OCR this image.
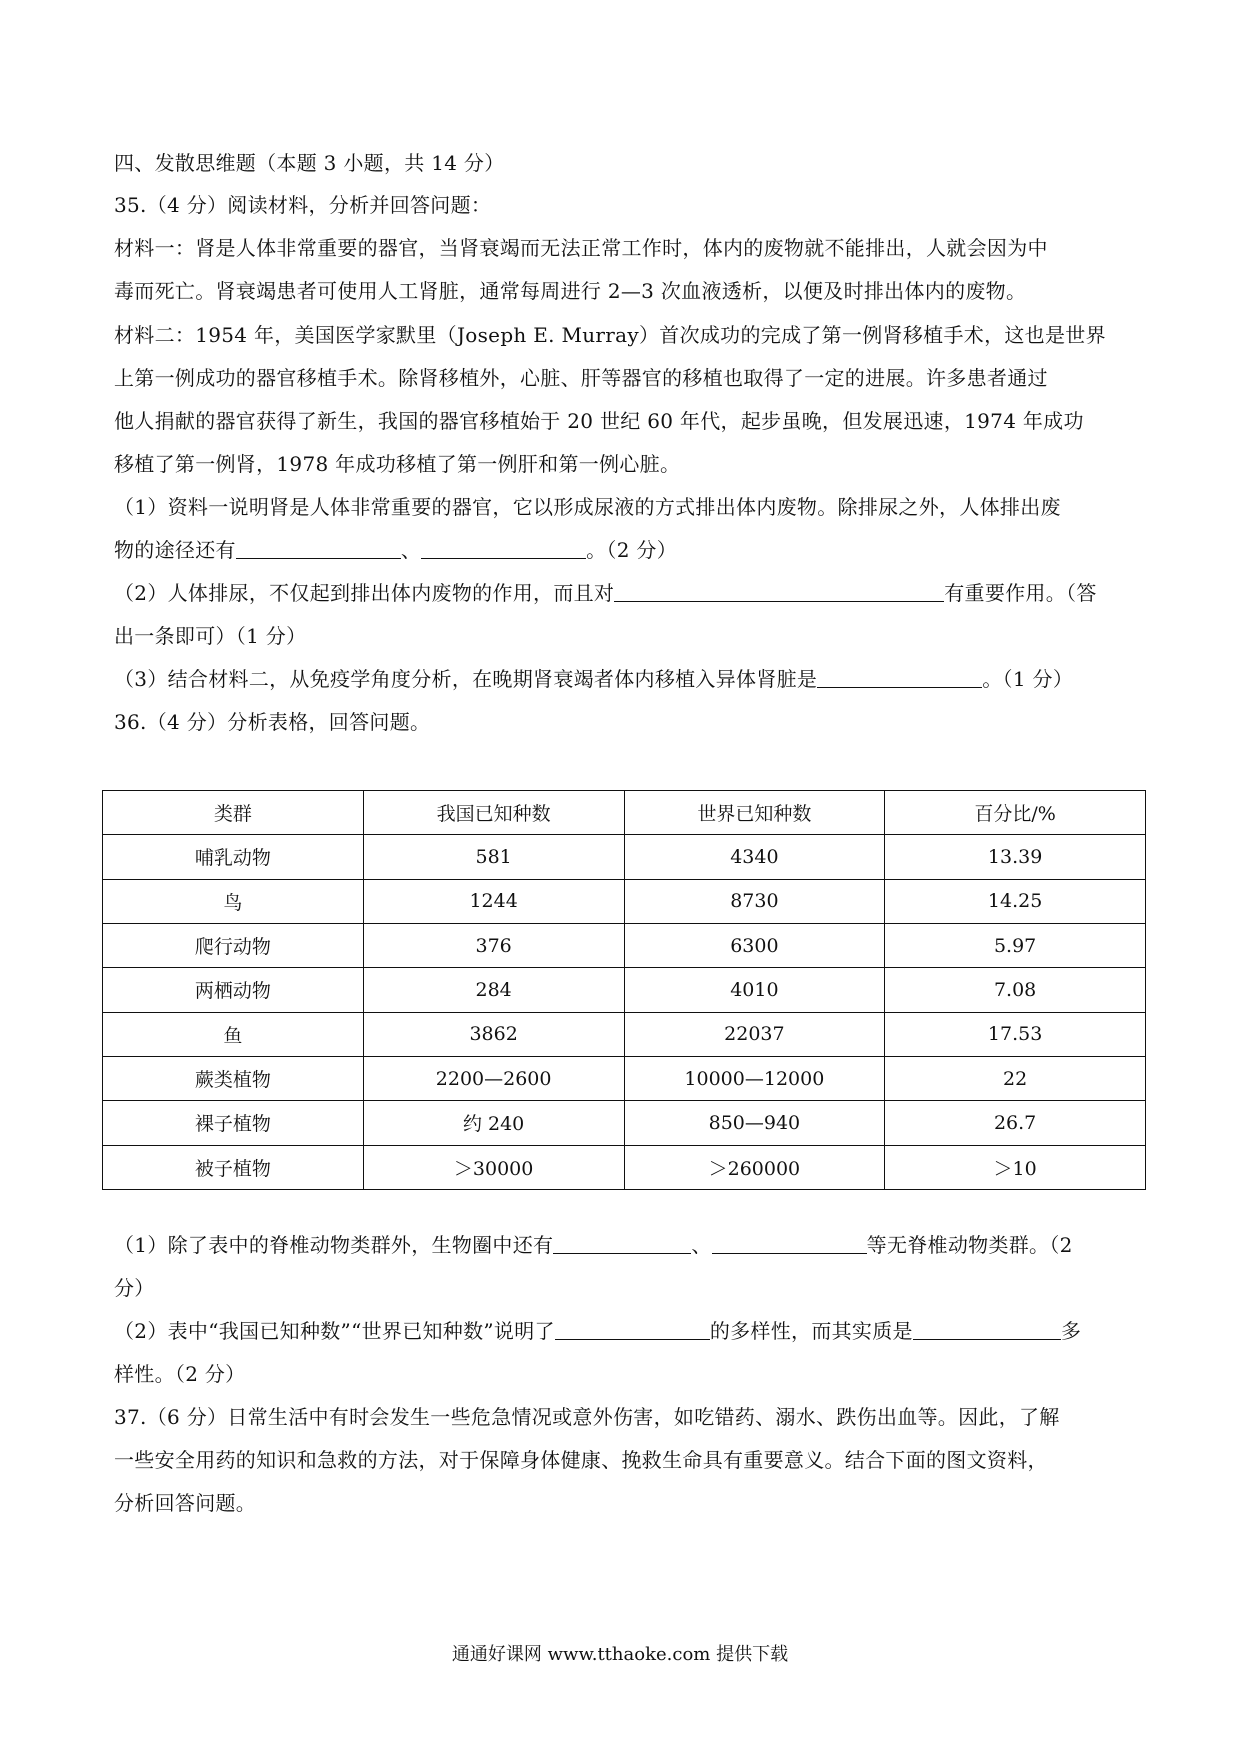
四、发散思维题（本题 3 小题，共 14 分）
35.（4 分）阅读材料，分析并回答问题：
材料一：肾是人体非常重要的器官，当肾衰竭而无法正常工作时，体内的废物就不能排出，人就会因为中
毒而死亡。肾衰竭患者可使用人工肾脏，通常每周进行 2—3 次血液透析，以便及时排出体内的废物。
材料二：1954 年，美国医学家默里（Joseph E. Murray）首次成功的完成了第一例肾移植手术，这也是世界
上第一例成功的器官移植手术。除肾移植外，心脏、肝等器官的移植也取得了一定的进展。许多患者通过
他人捐献的器官获得了新生，我国的器官移植始于 20 世纪 60 年代，起步虽晚，但发展迅速，1974 年成功
移植了第一例肾，1978 年成功移植了第一例肝和第一例心脏。
（1）资料一说明肾是人体非常重要的器官，它以形成尿液的方式排出体内废物。除排尿之外，人体排出废
物的途径还有	、	。（2 分）
（2）人体排尿，不仅起到排出体内废物的作用，而且对	有重要作用。（答
出一条即可）（1 分）
（3）结合材料二，从免疫学角度分析，在晚期肾衰竭者体内移植入异体肾脏是	。（1 分）
36.（4 分）分析表格，回答问题。
类群	我国已知种数	世界已知种数	百分比/%
哺乳动物	581	4340	13.39
鸟	1244	8730	14.25
爬行动物	376	6300	5.97
两栖动物	284	4010	7.08
鱼	3862	22037	17.53
蕨类植物	2200—2600	10000—12000	22
裸子植物	约 240	850—940	26.7
被子植物	＞30000	＞260000	＞10
（1）除了表中的脊椎动物类群外，生物圈中还有	、	等无脊椎动物类群。（2
分）
（2）表中“我国已知种数”“世界已知种数”说明了	的多样性，而其实质是	多
样性。（2 分）
37.（6 分）日常生活中有时会发生一些危急情况或意外伤害，如吃错药、溺水、跌伤出血等。因此，了解
一些安全用药的知识和急救的方法，对于保障身体健康、挽救生命具有重要意义。结合下面的图文资料，
分析回答问题。
通通好课网 www.tthaoke.com 提供下载
